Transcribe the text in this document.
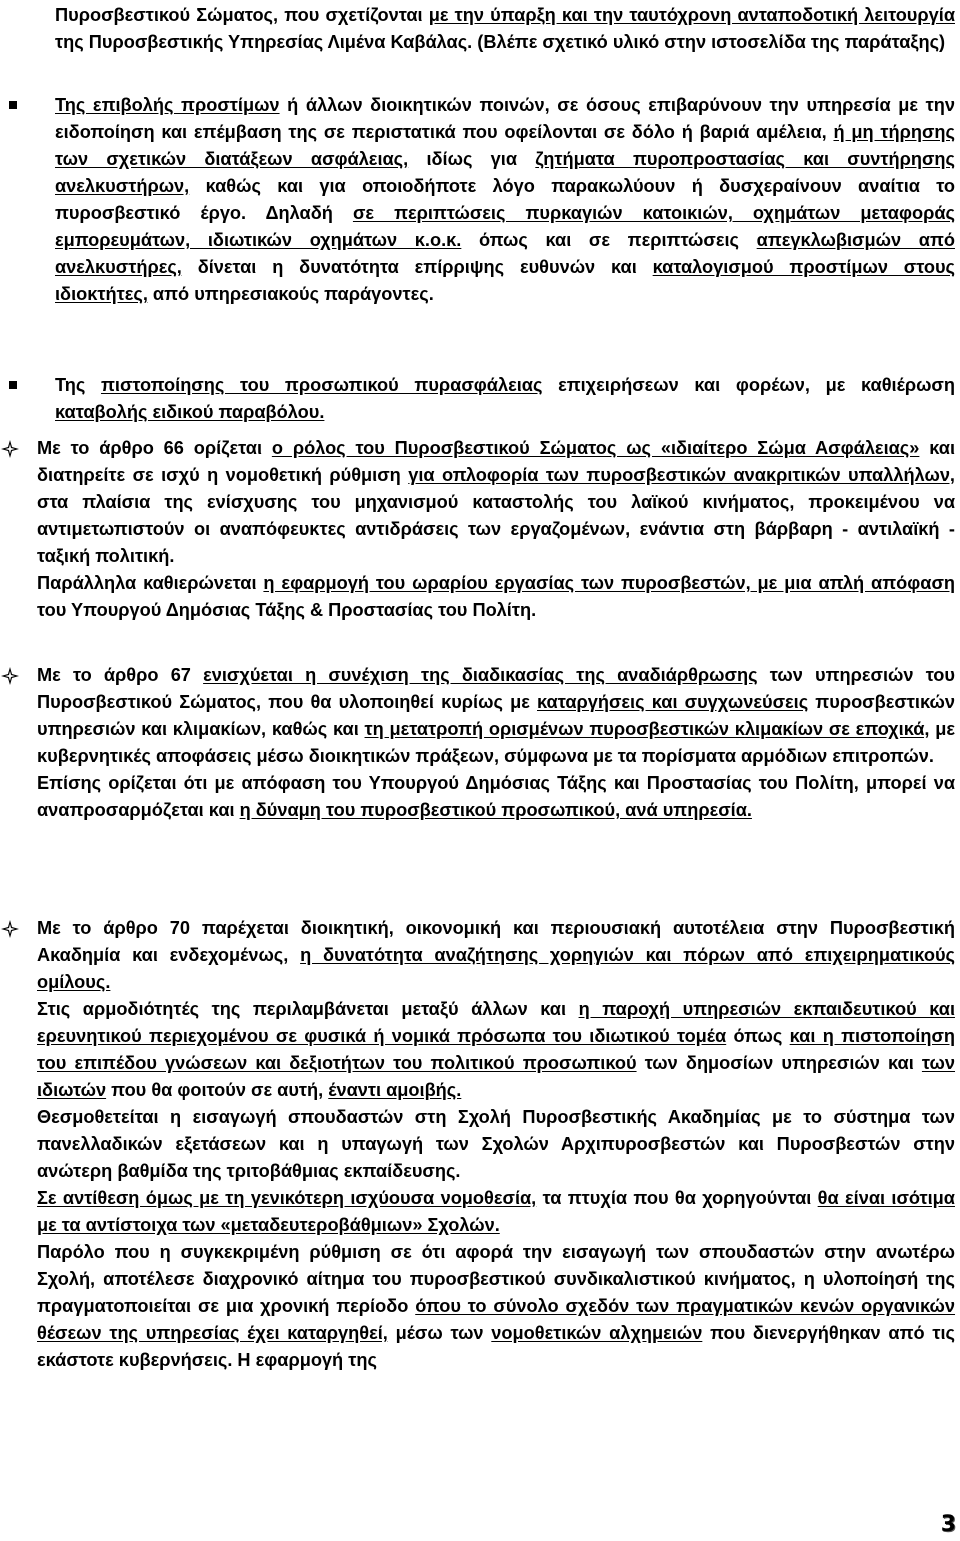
Πυροσβεστικού Σώματος, που σχετίζονται με την ύπαρξη και την ταυτόχρονη ανταποδοτική λειτουργία της Πυροσβεστικής Υπηρεσίας Λιμένα Καβάλας. (Βλέπε σχετικό υλικό στην ιστοσελίδα της παράταξης)

Της επιβολής προστίμων ή άλλων διοικητικών ποινών, σε όσους επιβαρύνουν την υπηρεσία με την ειδοποίηση και επέμβαση της σε περιστατικά που οφείλονται σε δόλο ή βαριά αμέλεια, ή μη τήρησης των σχετικών διατάξεων ασφάλειας, ιδίως για ζητήματα πυροπροστασίας και συντήρησης ανελκυστήρων, καθώς και για οποιοδήποτε λόγο παρακωλύουν ή δυσχεραίνουν αναίτια το πυροσβεστικό έργο. Δηλαδή σε περιπτώσεις πυρκαγιών κατοικιών, οχημάτων μεταφοράς εμπορευμάτων, ιδιωτικών οχημάτων κ.ο.κ. όπως και σε περιπτώσεις απεγκλωβισμών από ανελκυστήρες, δίνεται η δυνατότητα επίρριψης ευθυνών και καταλογισμού προστίμων στους ιδιοκτήτες, από υπηρεσιακούς παράγοντες.

Της πιστοποίησης του προσωπικού πυρασφάλειας επιχειρήσεων και φορέων, με καθιέρωση καταβολής ειδικού παραβόλου.

Με το άρθρο 66 ορίζεται ο ρόλος του Πυροσβεστικού Σώματος ως «ιδιαίτερο Σώμα Ασφάλειας» και διατηρείτε σε ισχύ η νομοθετική ρύθμιση για οπλοφορία των πυροσβεστικών ανακριτικών υπαλλήλων, στα πλαίσια της ενίσχυσης του μηχανισμού καταστολής του λαϊκού κινήματος, προκειμένου να αντιμετωπιστούν οι αναπόφευκτες αντιδράσεις των εργαζομένων, ενάντια στη βάρβαρη - αντιλαϊκή - ταξική πολιτική.

Παράλληλα καθιερώνεται η εφαρμογή του ωραρίου εργασίας των πυροσβεστών, με μια απλή απόφαση του Υπουργού Δημόσιας Τάξης & Προστασίας του Πολίτη.

Με το άρθρο 67 ενισχύεται η συνέχιση της διαδικασίας της αναδιάρθρωσης των υπηρεσιών του Πυροσβεστικού Σώματος, που θα υλοποιηθεί κυρίως με καταργήσεις και συγχωνεύσεις πυροσβεστικών υπηρεσιών και κλιμακίων, καθώς και τη μετατροπή ορισμένων πυροσβεστικών κλιμακίων σε εποχικά, με κυβερνητικές αποφάσεις μέσω διοικητικών πράξεων, σύμφωνα με τα πορίσματα αρμόδιων επιτροπών.

Επίσης ορίζεται ότι με απόφαση του Υπουργού Δημόσιας Τάξης και Προστασίας του Πολίτη, μπορεί να αναπροσαρμόζεται και η δύναμη του πυροσβεστικού προσωπικού, ανά υπηρεσία.

Με το άρθρο 70 παρέχεται διοικητική, οικονομική και περιουσιακή αυτοτέλεια στην Πυροσβεστική Ακαδημία και ενδεχομένως, η δυνατότητα αναζήτησης χορηγιών και πόρων από επιχειρηματικούς ομίλους.

Στις αρμοδιότητές της περιλαμβάνεται μεταξύ άλλων και η παροχή υπηρεσιών εκπαιδευτικού και ερευνητικού περιεχομένου σε φυσικά ή νομικά πρόσωπα του ιδιωτικού τομέα όπως και η πιστοποίηση του επιπέδου γνώσεων και δεξιοτήτων του πολιτικού προσωπικού των δημοσίων υπηρεσιών και των ιδιωτών που θα φοιτούν σε αυτή, έναντι αμοιβής.

Θεσμοθετείται η εισαγωγή σπουδαστών στη Σχολή Πυροσβεστικής Ακαδημίας με το σύστημα των πανελλαδικών εξετάσεων και η υπαγωγή των Σχολών Αρχιπυροσβεστών και Πυροσβεστών στην ανώτερη βαθμίδα της τριτοβάθμιας εκπαίδευσης.

Σε αντίθεση όμως με τη γενικότερη ισχύουσα νομοθεσία, τα πτυχία που θα χορηγούνται θα είναι ισότιμα με τα αντίστοιχα των «μεταδευτεροβάθμιων» Σχολών.

Παρόλο που η συγκεκριμένη ρύθμιση σε ότι αφορά την εισαγωγή των σπουδαστών στην ανωτέρω Σχολή, αποτέλεσε διαχρονικό αίτημα του πυροσβεστικού συνδικαλιστικού κινήματος, η υλοποίησή της πραγματοποιείται σε μια χρονική περίοδο όπου το σύνολο σχεδόν των πραγματικών κενών οργανικών θέσεων της υπηρεσίας έχει καταργηθεί, μέσω των νομοθετικών αλχημειών που διενεργήθηκαν από τις εκάστοτε κυβερνήσεις. Η εφαρμογή της

3
